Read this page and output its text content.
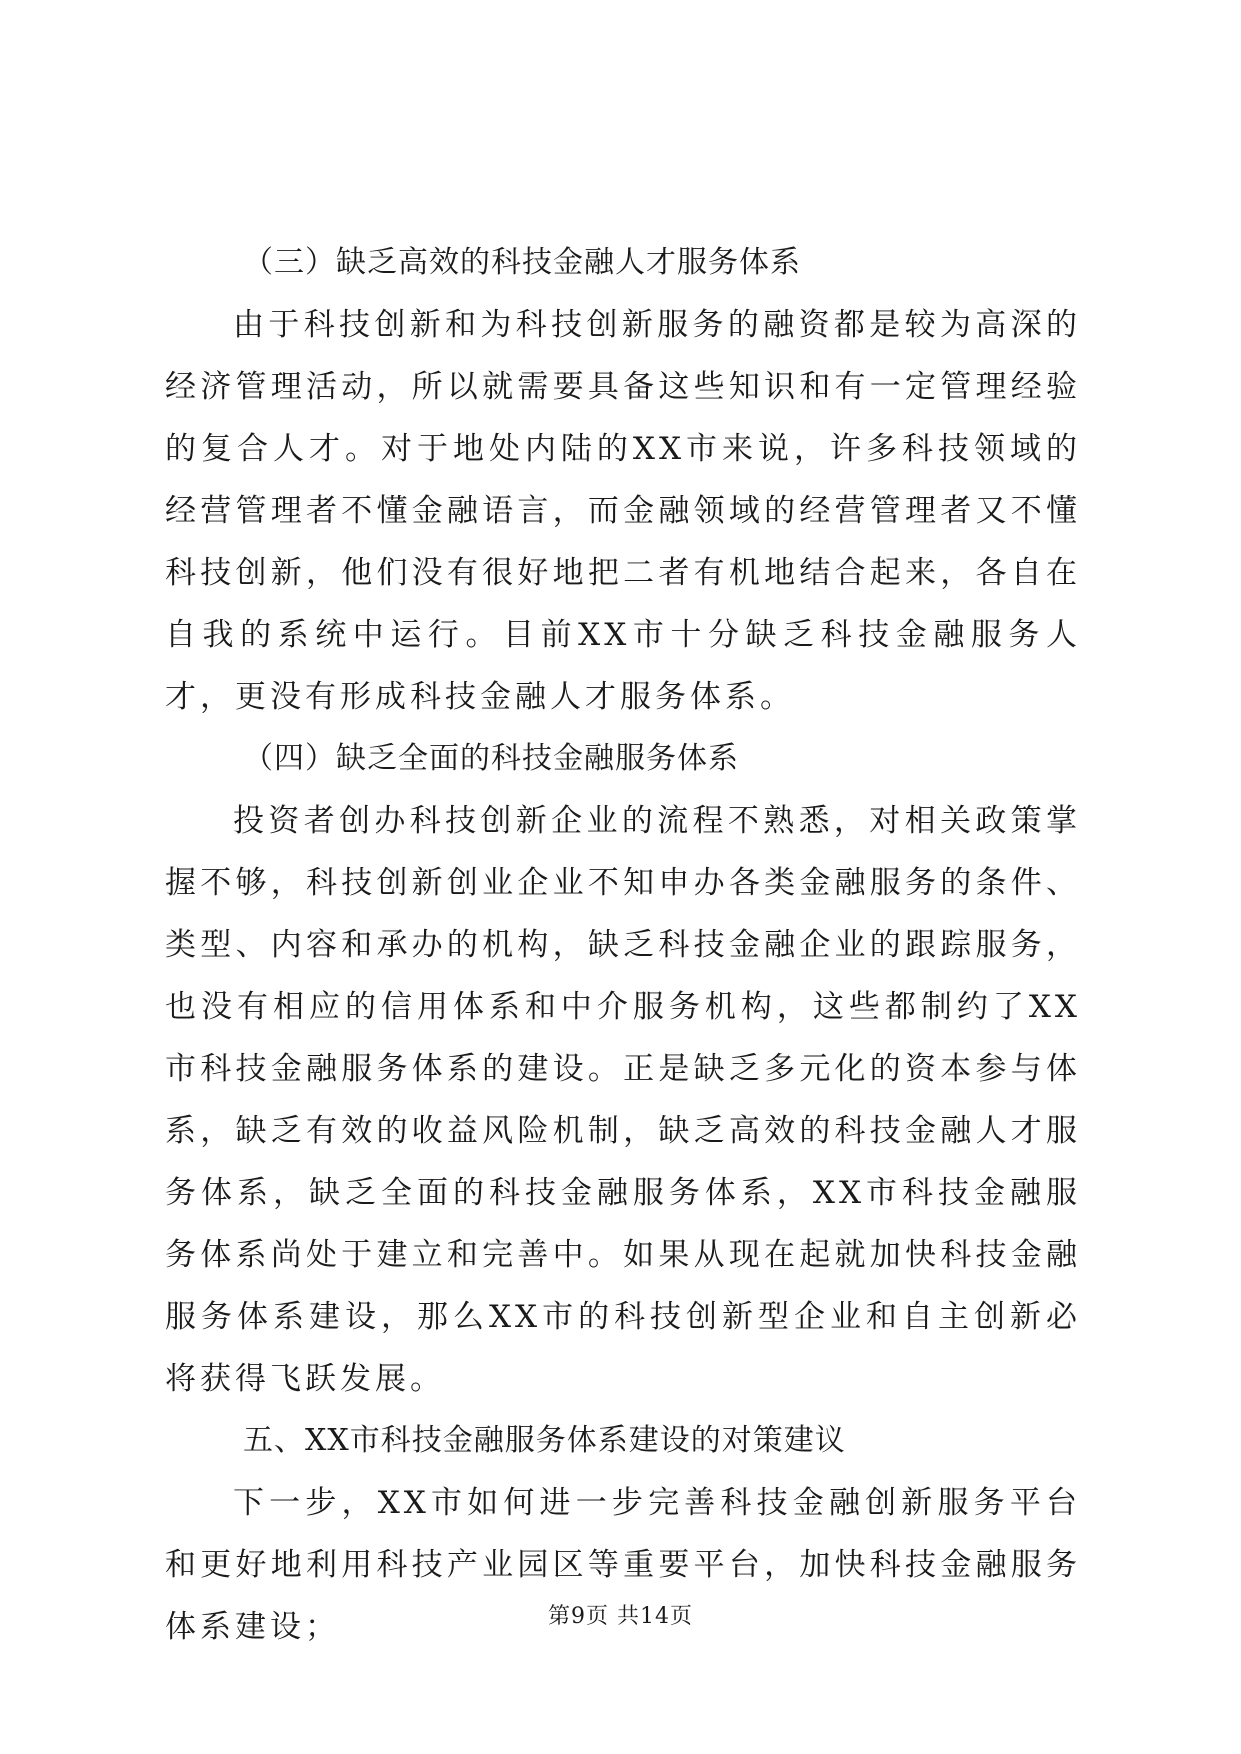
（三）缺乏高效的科技金融人才服务体系

由于科技创新和为科技创新服务的融资都是较为高深的经济管理活动，所以就需要具备这些知识和有一定管理经验的复合人才。对于地处内陆的XX市来说，许多科技领域的经营管理者不懂金融语言，而金融领域的经营管理者又不懂科技创新，他们没有很好地把二者有机地结合起来，各自在自我的系统中运行。目前XX市十分缺乏科技金融服务人才，更没有形成科技金融人才服务体系。

（四）缺乏全面的科技金融服务体系

投资者创办科技创新企业的流程不熟悉，对相关政策掌握不够，科技创新创业企业不知申办各类金融服务的条件、类型、内容和承办的机构，缺乏科技金融企业的跟踪服务，也没有相应的信用体系和中介服务机构，这些都制约了XX市科技金融服务体系的建设。正是缺乏多元化的资本参与体系，缺乏有效的收益风险机制，缺乏高效的科技金融人才服务体系，缺乏全面的科技金融服务体系，XX市科技金融服务体系尚处于建立和完善中。如果从现在起就加快科技金融服务体系建设，那么XX市的科技创新型企业和自主创新必将获得飞跃发展。

五、XX市科技金融服务体系建设的对策建议

下一步，XX市如何进一步完善科技金融创新服务平台和更好地利用科技产业园区等重要平台，加快科技金融服务体系建设；	第9页 共14页
